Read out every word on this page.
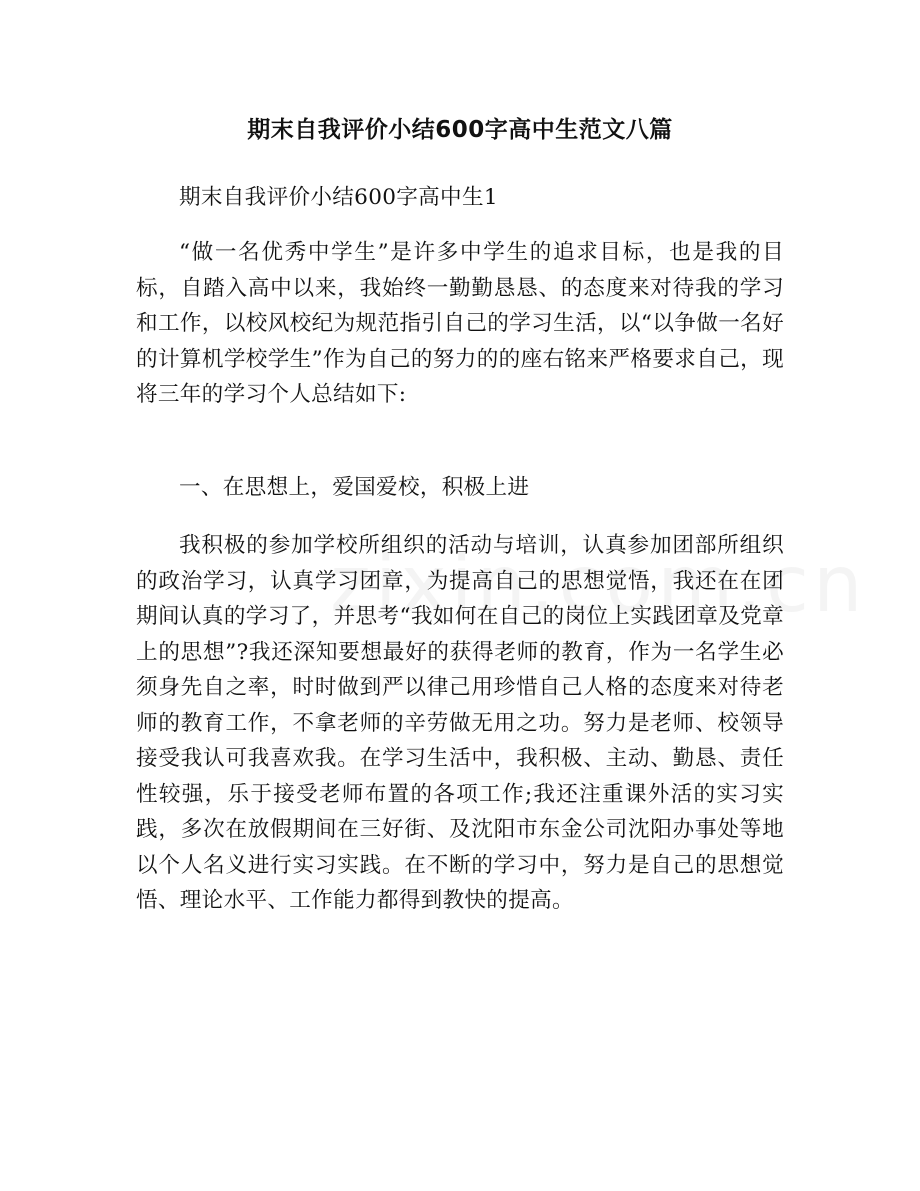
期末自我评价小结600字高中生范文八篇

期末自我评价小结600字高中生1

“做一名优秀中学生”是许多中学生的追求目标，也是我的目标，自踏入高中以来，我始终一勤勤恳恳、的态度来对待我的学习和工作，以校风校纪为规范指引自己的学习生活，以“以争做一名好的计算机学校学生”作为自己的努力的的座右铭来严格要求自己，现将三年的学习个人总结如下:

一、在思想上，爱国爱校，积极上进

我积极的参加学校所组织的活动与培训，认真参加团部所组织的政治学习，认真学习团章，为提高自己的思想觉悟，我还在在团期间认真的学习了，并思考“我如何在自己的岗位上实践团章及党章上的思想”?我还深知要想最好的获得老师的教育，作为一名学生必须身先自之率，时时做到严以律己用珍惜自己人格的态度来对待老师的教育工作，不拿老师的辛劳做无用之功。努力是老师、校领导接受我认可我喜欢我。在学习生活中，我积极、主动、勤恳、责任性较强，乐于接受老师布置的各项工作;我还注重课外活的实习实践，多次在放假期间在三好街、及沈阳市东金公司沈阳办事处等地以个人名义进行实习实践。在不断的学习中，努力是自己的思想觉悟、理论水平、工作能力都得到教快的提高。
